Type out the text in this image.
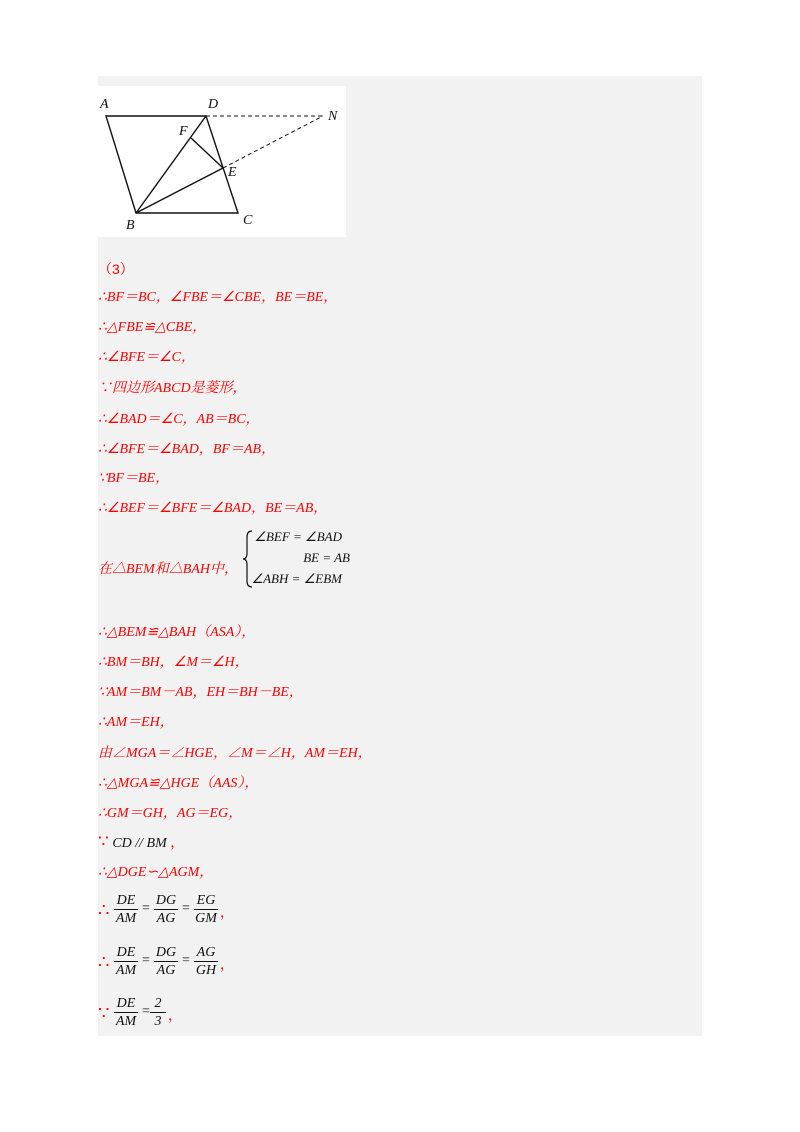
A	D
N
F
E
B	C
（3）
∴BF＝BC，∠FBE＝∠CBE，BE＝BE，
∴△FBE≌△CBE，
∴∠BFE＝∠C，
∵四边形ABCD是菱形，
∴∠BAD＝∠C，AB＝BC，
∴∠BFE＝∠BAD，BF＝AB，
∵BF＝BE，
∴∠BEF＝∠BFE＝∠BAD，BE＝AB，
在△BEM和△BAH中，
∠BEF = ∠BAD
BE = AB
∠ABH = ∠EBM
∴△BEM≌△BAH（ASA），
∴BM＝BH，∠M＝∠H，
∵AM＝BM－AB，EH＝BH－BE，
∴AM＝EH，
由∠MGA＝∠HGE，∠M＝∠H，AM＝EH，
∴△MGA≌△HGE（AAS），
∴GM＝GH，AG＝EG，
∵ CD // BM ，
∴△DGE∽△AGM，
∴ DE
AM
=
DG
AG
=
EG
GM ，
∴ DE
AM
=
DG
AG
=
AG
GH ，
∵ DE
AM
=
2
3 ，
